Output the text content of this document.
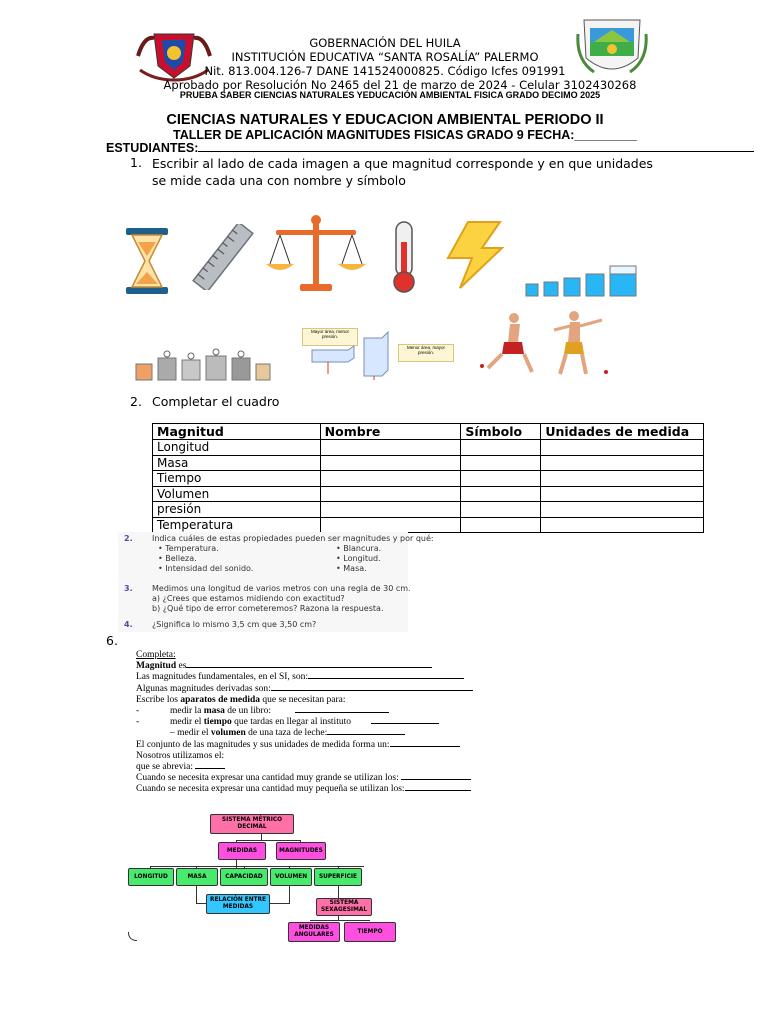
GOBERNACIÓN DEL HUILA
INSTITUCIÓN EDUCATIVA “SANTA ROSALÍA” PALERMO
Nit. 813.004.126-7 DANE 141524000825. Código Icfes 091991
Aprobado por Resolución No 2465 del 21 de marzo de 2024 - Celular 3102430268
PRUEBA SABER CIENCIAS NATURALES YEDUCACIÓN AMBIENTAL FISICA GRADO DECIMO 2025
CIENCIAS NATURALES Y EDUCACION AMBIENTAL PERIODO II
TALLER DE APLICACIÓN MAGNITUDES FISICAS GRADO 9 FECHA:_________
ESTUDIANTES:
1. Escribir al lado de cada imagen a que magnitud corresponde y en que unidades se mide cada una con nombre y símbolo
Mayor área, menor presión.
Menor área, mayor presión.
2. Completar el cuadro
Magnitud	Nombre	Símbolo	Unidades de medida
Longitud			
Masa			
Tiempo			
Volumen			
presión			
Temperatura			
2. Indica cuáles de estas propiedades pueden ser magnitudes y por qué:
• Temperatura.
• Belleza.
• Intensidad del sonido.
• Blancura.
• Longitud.
• Masa.
3. Medimos una longitud de varios metros con una regla de 30 cm.
a) ¿Crees que estamos midiendo con exactitud?
b) ¿Qué tipo de error cometeremos? Razona la respuesta.
4. ¿Significa lo mismo 3,5 cm que 3,50 cm?
6.
Completa:
Magnitud es
Las magnitudes fundamentales, en el SI, son:
Algunas magnitudes derivadas son:
Escribe los aparatos de medida que se necesitan para:
-	medir la masa de un libro:
-	medir el tiempo que tardas en llegar al instituto
– medir el volumen de una taza de leche:
El conjunto de las magnitudes y sus unidades de medida forma un:
Nosotros utilizamos el:
que se abrevia:
Cuando se necesita expresar una cantidad muy grande se utilizan los:
Cuando se necesita expresar una cantidad muy pequeña se utilizan los:
SISTEMA MÉTRICO DECIMAL
MEDIDAS	MAGNITUDES
LONGITUD	MASA	CAPACIDAD	VOLUMEN	SUPERFICIE
RELACIÓN ENTRE MEDIDAS
SISTEMA SEXAGESIMAL
MEDIDAS ANGULARES
TIEMPO
